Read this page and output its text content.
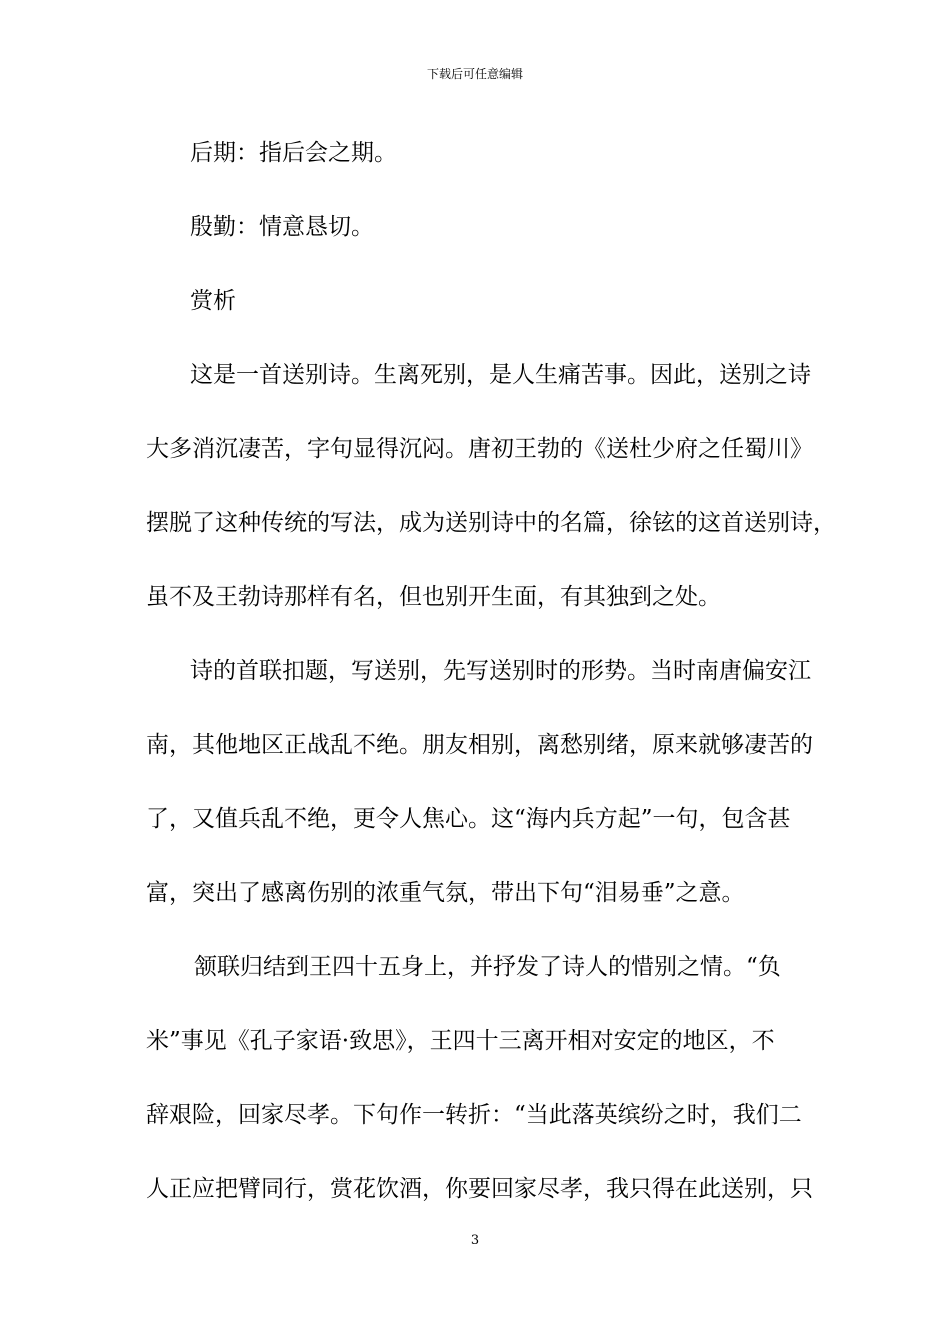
下载后可任意编辑
后期：指后会之期。
殷勤：情意恳切。
赏析
这是一首送别诗。生离死别，是人生痛苦事。因此，送别之诗
大多消沉凄苦，字句显得沉闷。唐初王勃的《送杜少府之任蜀川》
摆脱了这种传统的写法，成为送别诗中的名篇，徐铉的这首送别诗，
虽不及王勃诗那样有名，但也别开生面，有其独到之处。
诗的首联扣题，写送别，先写送别时的形势。当时南唐偏安江
南，其他地区正战乱不绝。朋友相别，离愁别绪，原来就够凄苦的
了，又值兵乱不绝，更令人焦心。这“海内兵方起”一句，包含甚
富，突出了感离伤别的浓重气氛，带出下句“泪易垂”之意。
颔联归结到王四十五身上，并抒发了诗人的惜别之情。“负
米”事见《孔子家语·致思》，王四十三离开相对安定的地区，不
辞艰险，回家尽孝。下句作一转折：“当此落英缤纷之时，我们二
人正应把臂同行，赏花饮酒，你要回家尽孝，我只得在此送别，只
3
